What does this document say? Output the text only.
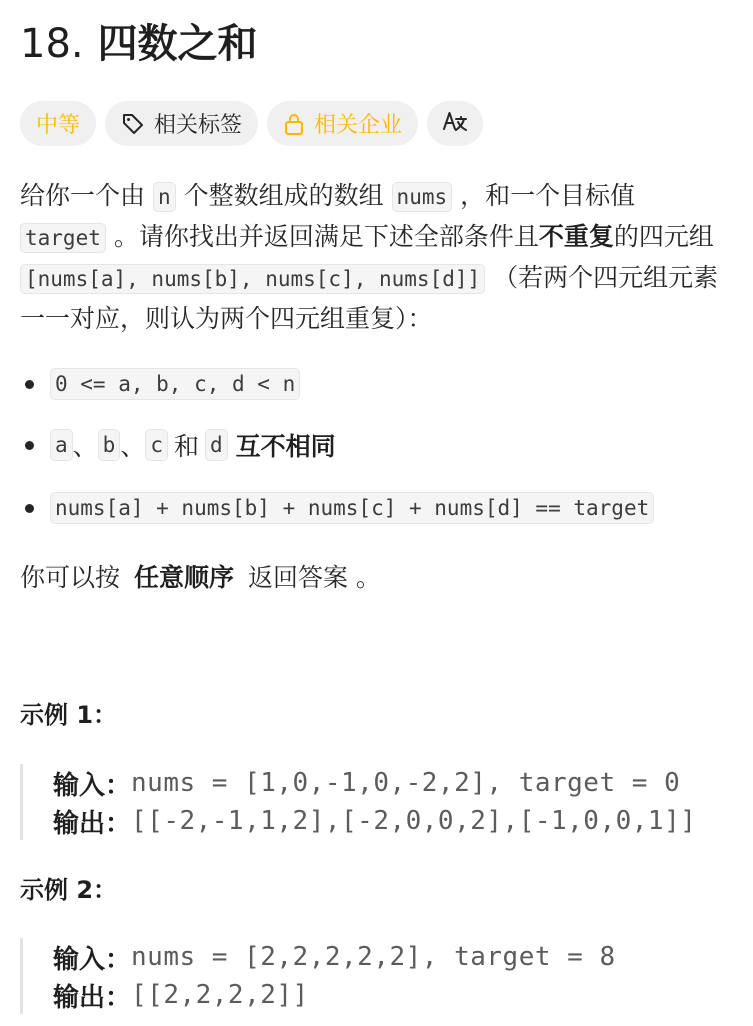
18. 四数之和
中等	相关标签	相关企业
给你一个由 n 个整数组成的数组 nums ，和一个目标值
target 。请你找出并返回满足下述全部条件且不重复的四元组 [nums[a], nums[b], nums[c], nums[d]] （若两个四元组元素一一对应，则认为两个四元组重复）：
0 <= a, b, c, d < n
a 、 b 、 c 和 d 互不相同
nums[a] + nums[b] + nums[c] + nums[d] == target
你可以按 任意顺序 返回答案 。
示例 1：
输入： nums = [1,0,-1,0,-2,2], target = 0
输出： [[-2,-1,1,2],[-2,0,0,2],[-1,0,0,1]]
示例 2：
输入： nums = [2,2,2,2,2], target = 8
输出： [[2,2,2,2]]
